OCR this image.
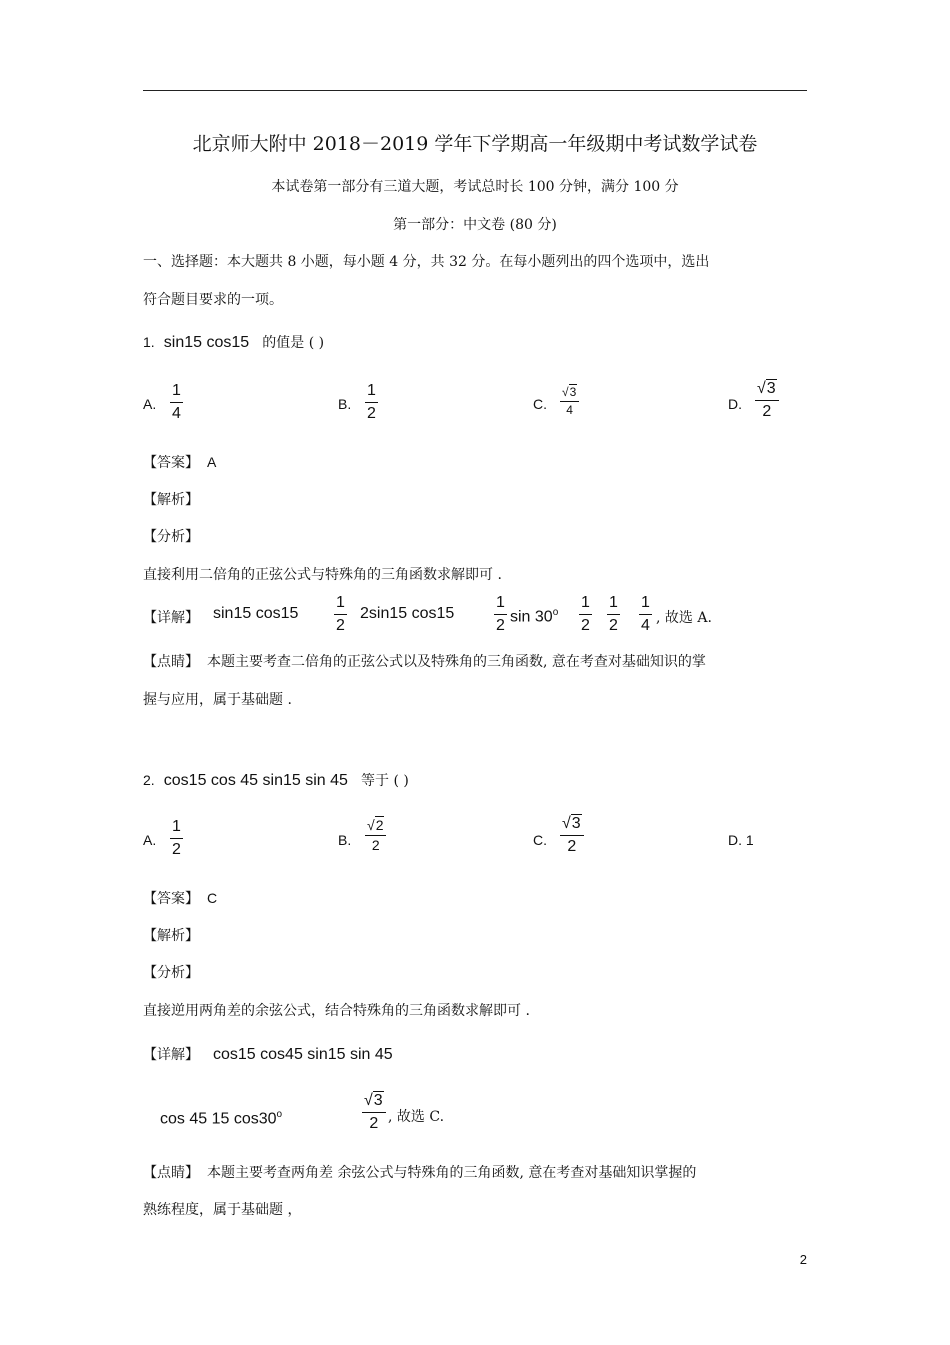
北京师大附中 2018－2019 学年下学期高一年级期中考试数学试卷
本试卷第一部分有三道大题，考试总时长 100 分钟，满分 100 分
第一部分：中文卷 (80 分)
一、选择题：本大题共 8 小题，每小题 4 分，共 32 分。在每小题列出的四个选项中，选出
符合题目要求的一项。
1. sin15 cos15 的值是 ( )
A.
1
4
B.
1
2
C.
√3
4	D.
√3
2
【答案】 A
【解析】
【分析】
直接利用二倍角的正弦公式与特殊角的三角函数求解即可 .
【详解】 sin15 cos15
1
2
2sin15 cos15
1
2 sin 30$^o$
1
2
1
2
1
4 , 故选 A.
【点睛】 本题主要考查二倍角的正弦公式以及特殊角的三角函数, 意在考查对基础知识的掌
握与应用，属于基础题 .
2. cos15 cos 45 sin15 sin 45 等于 ( )
A.
1
2
B.
√2
2	C.
√3
2	D. 1
【答案】 C
【解析】
【分析】
直接逆用两角差的余弦公式，结合特殊角的三角函数求解即可 .
【详解】 cos15 cos45 sin15 sin 45
cos 45 15 cos30$^o$
√3
2 , 故选 C.
【点睛】 本题主要考查两角差 余弦公式与特殊角的三角函数, 意在考查对基础知识掌握的
熟练程度，属于基础题 ，
2
